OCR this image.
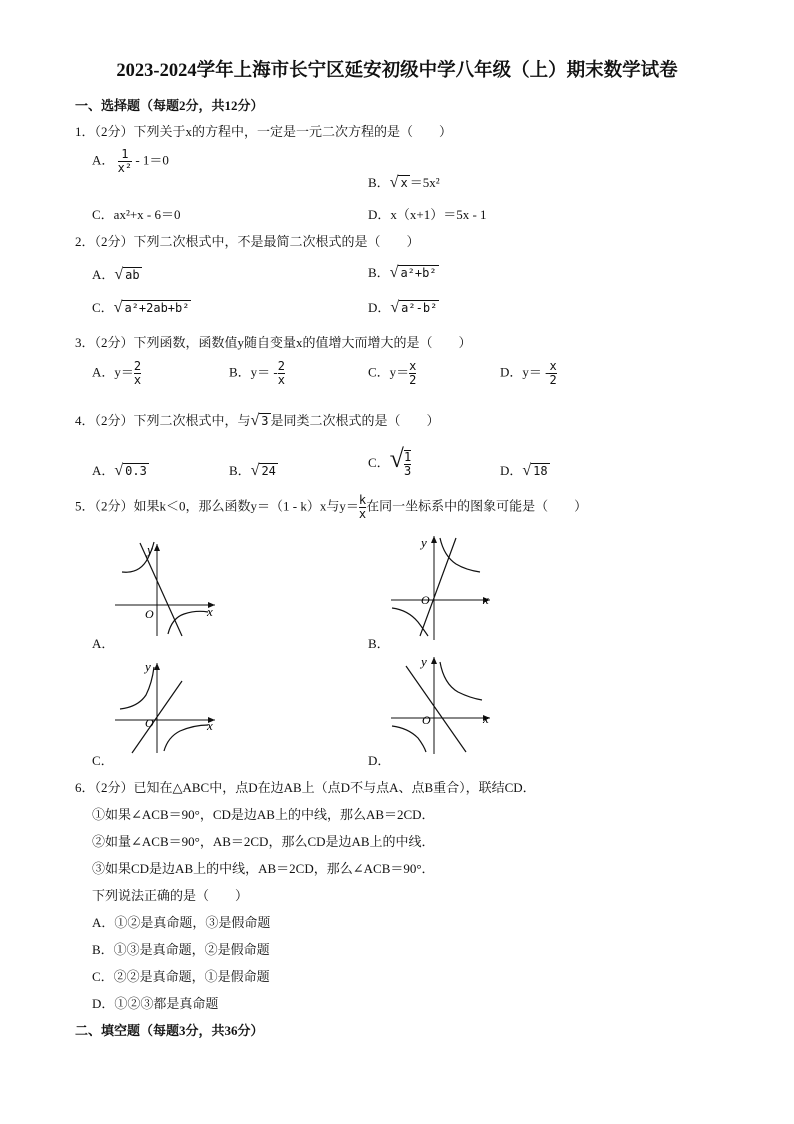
2023-2024学年上海市长宁区延安初级中学八年级（上）期末数学试卷
一、选择题（每题2分，共12分）
1．（2分）下列关于x的方程中，一定是一元二次方程的是（　　）
A． $\frac{1}{\text{x²}} - 1=0$
B．√ x ＝5x²
C．ax²+x - 6＝0	D．x（x+1）＝5x - 1
2．（2分）下列二次根式中，不是最简二次根式的是（　　）
A．√ ab	B．√ a²+b²
C．√ a²+2ab+b²	D．√ a²-b²
3．（2分）下列函数，函数值y随自变量x的值增大而增大的是（　　）
A．$y= \frac{2}{x}$	B．$y= - \frac{2}{x}$	C．$y= \frac{x}{2}$	D．$y= - \frac{x}{2}$
4．（2分）下列二次根式中，与√ 3 是同类二次根式的是（　　）
A．√ 0.3	B．√ 24
C．√ $\frac{1}{3}$	D．√ 18
5．（2分）如果k＜0，那么函数y＝（1 - k）x与$y= \frac{k}{x}$ 在同一坐标系中的图象可能是（　　）
y
x
O
A．
y
x
O
B．
y
x
O
C．
y
x
O
D．
6．（2分）已知在△ABC中，点D在边AB上（点D不与点A、点B重合），联结CD．
①如果∠ACB＝90°，CD是边AB上的中线，那么AB＝2CD．
②如量∠ACB＝90°，AB＝2CD，那么CD是边AB上的中线．
③如果CD是边AB上的中线，AB＝2CD，那么∠ACB＝90°．
下列说法正确的是（　　）
A．①②是真命题，③是假命题
B．①③是真命题，②是假命题
C．②②是真命题，①是假命题
D．①②③都是真命题
二、填空题（每题3分，共36分）
